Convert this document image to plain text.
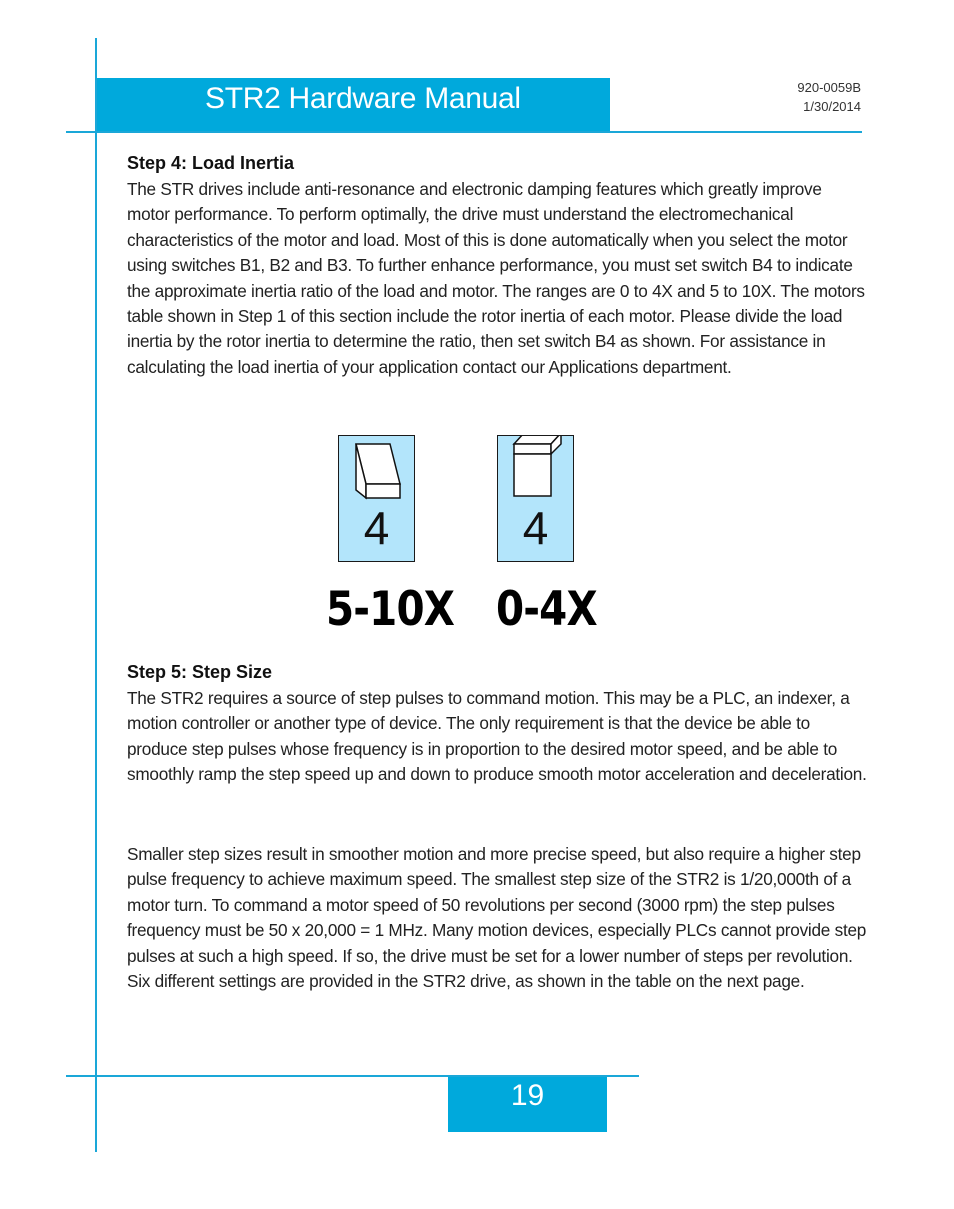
STR2 Hardware Manual	920-0059B
1/30/2014
Step 4: Load Inertia

The STR drives include anti-resonance and electronic damping features which greatly improve motor performance. To perform optimally, the drive must understand the electromechanical characteristics of the motor and load. Most of this is done automatically when you select the motor using switches B1, B2 and B3. To further enhance performance, you must set switch B4 to indicate the approximate inertia ratio of the load and motor. The ranges are 0 to 4X and 5 to 10X. The motors table shown in Step 1 of this section include the rotor inertia of each motor. Please divide the load inertia by the rotor inertia to determine the ratio, then set switch B4 as shown. For assistance in calculating the load inertia of your application contact our Applications department.

4	4
5-10X 0-4X
Step 5: Step Size

The STR2 requires a source of step pulses to command motion. This may be a PLC, an indexer, a motion controller or another type of device. The only requirement is that the device be able to produce step pulses whose frequency is in proportion to the desired motor speed, and be able to smoothly ramp the step speed up and down to produce smooth motor acceleration and deceleration.

Smaller step sizes result in smoother motion and more precise speed, but also require a higher step pulse frequency to achieve maximum speed. The smallest step size of the STR2 is 1/20,000th of a motor turn. To command a motor speed of 50 revolutions per second (3000 rpm) the step pulses frequency must be 50 x 20,000 = 1 MHz. Many motion devices, especially PLCs cannot provide step pulses at such a high speed. If so, the drive must be set for a lower number of steps per revolution. Six different settings are provided in the STR2 drive, as shown in the table on the next page.

19
